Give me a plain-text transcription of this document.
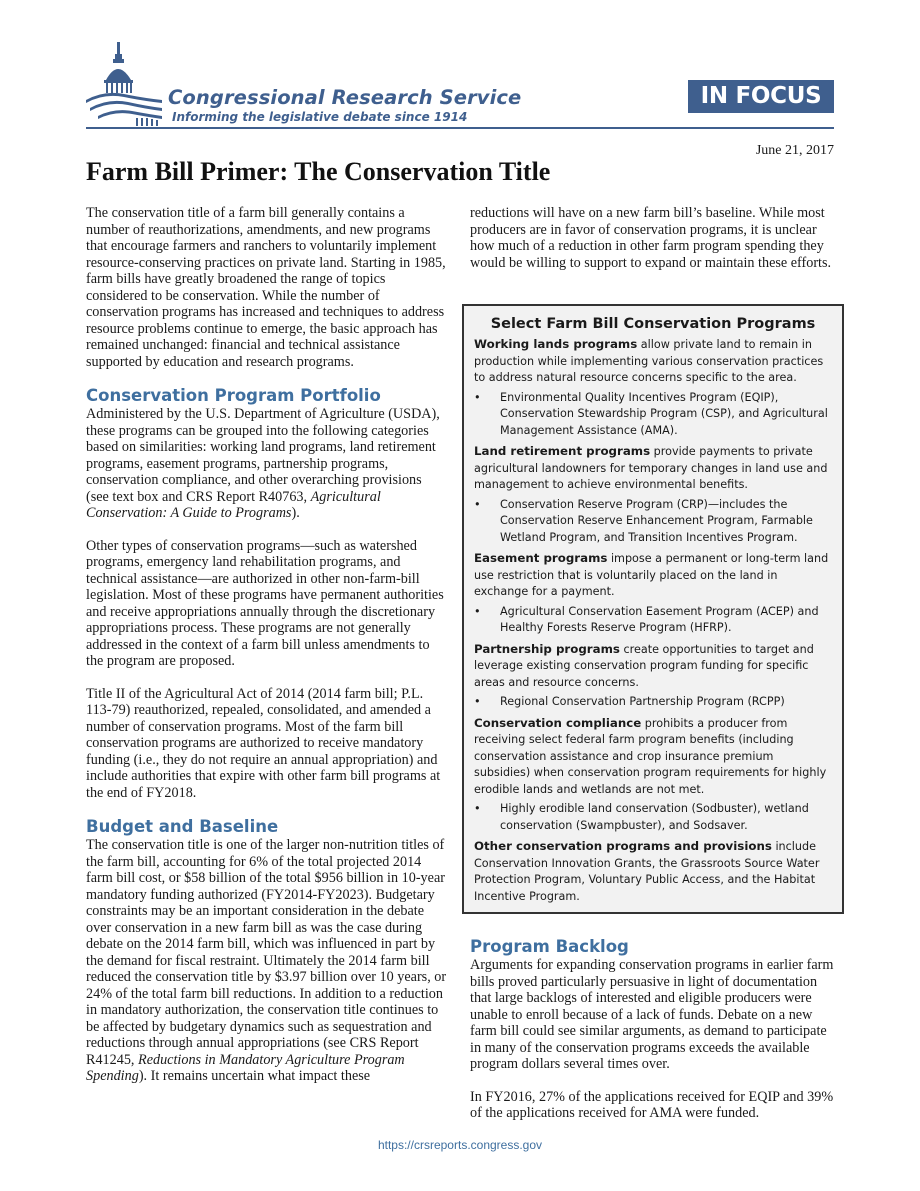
Congressional Research Service
Informing the legislative debate since 1914
IN FOCUS
June 21, 2017
Farm Bill Primer: The Conservation Title

The conservation title of a farm bill generally contains a number of reauthorizations, amendments, and new programs that encourage farmers and ranchers to voluntarily implement resource-conserving practices on private land. Starting in 1985, farm bills have greatly broadened the range of topics considered to be conservation. While the number of conservation programs has increased and techniques to address resource problems continue to emerge, the basic approach has remained unchanged: financial and technical assistance supported by education and research programs.

Conservation Program Portfolio

Administered by the U.S. Department of Agriculture (USDA), these programs can be grouped into the following categories based on similarities: working land programs, land retirement programs, easement programs, partnership programs, conservation compliance, and other overarching provisions (see text box and CRS Report R40763, Agricultural Conservation: A Guide to Programs).

Other types of conservation programs—such as watershed programs, emergency land rehabilitation programs, and technical assistance—are authorized in other non-farm-bill legislation. Most of these programs have permanent authorities and receive appropriations annually through the discretionary appropriations process. These programs are not generally addressed in the context of a farm bill unless amendments to the program are proposed.

Title II of the Agricultural Act of 2014 (2014 farm bill; P.L. 113-79) reauthorized, repealed, consolidated, and amended a number of conservation programs. Most of the farm bill conservation programs are authorized to receive mandatory funding (i.e., they do not require an annual appropriation) and include authorities that expire with other farm bill programs at the end of FY2018.

Budget and Baseline

The conservation title is one of the larger non-nutrition titles of the farm bill, accounting for 6% of the total projected 2014 farm bill cost, or $58 billion of the total $956 billion in 10-year mandatory funding authorized (FY2014-FY2023). Budgetary constraints may be an important consideration in the debate over conservation in a new farm bill as was the case during debate on the 2014 farm bill, which was influenced in part by the demand for fiscal restraint. Ultimately the 2014 farm bill reduced the conservation title by $3.97 billion over 10 years, or 24% of the total farm bill reductions. In addition to a reduction in mandatory authorization, the conservation title continues to be affected by budgetary dynamics such as sequestration and reductions through annual appropriations (see CRS Report R41245, Reductions in Mandatory Agriculture Program Spending). It remains uncertain what impact these

reductions will have on a new farm bill’s baseline. While most producers are in favor of conservation programs, it is unclear how much of a reduction in other farm program spending they would be willing to support to expand or maintain these efforts.

Select Farm Bill Conservation Programs

Working lands programs allow private land to remain in production while implementing various conservation practices to address natural resource concerns specific to the area.

• Environmental Quality Incentives Program (EQIP), Conservation Stewardship Program (CSP), and Agricultural Management Assistance (AMA).

Land retirement programs provide payments to private agricultural landowners for temporary changes in land use and management to achieve environmental benefits.

• Conservation Reserve Program (CRP)—includes the Conservation Reserve Enhancement Program, Farmable Wetland Program, and Transition Incentives Program.

Easement programs impose a permanent or long-term land use restriction that is voluntarily placed on the land in exchange for a payment.

• Agricultural Conservation Easement Program (ACEP) and Healthy Forests Reserve Program (HFRP).

Partnership programs create opportunities to target and leverage existing conservation program funding for specific areas and resource concerns.

• Regional Conservation Partnership Program (RCPP)

Conservation compliance prohibits a producer from receiving select federal farm program benefits (including conservation assistance and crop insurance premium subsidies) when conservation program requirements for highly erodible lands and wetlands are not met.

• Highly erodible land conservation (Sodbuster), wetland conservation (Swampbuster), and Sodsaver.

Other conservation programs and provisions include Conservation Innovation Grants, the Grassroots Source Water Protection Program, Voluntary Public Access, and the Habitat Incentive Program.

Program Backlog

Arguments for expanding conservation programs in earlier farm bills proved particularly persuasive in light of documentation that large backlogs of interested and eligible producers were unable to enroll because of a lack of funds. Debate on a new farm bill could see similar arguments, as demand to participate in many of the conservation programs exceeds the available program dollars several times over.

In FY2016, 27% of the applications received for EQIP and 39% of the applications received for AMA were funded.

https://crsreports.congress.gov
